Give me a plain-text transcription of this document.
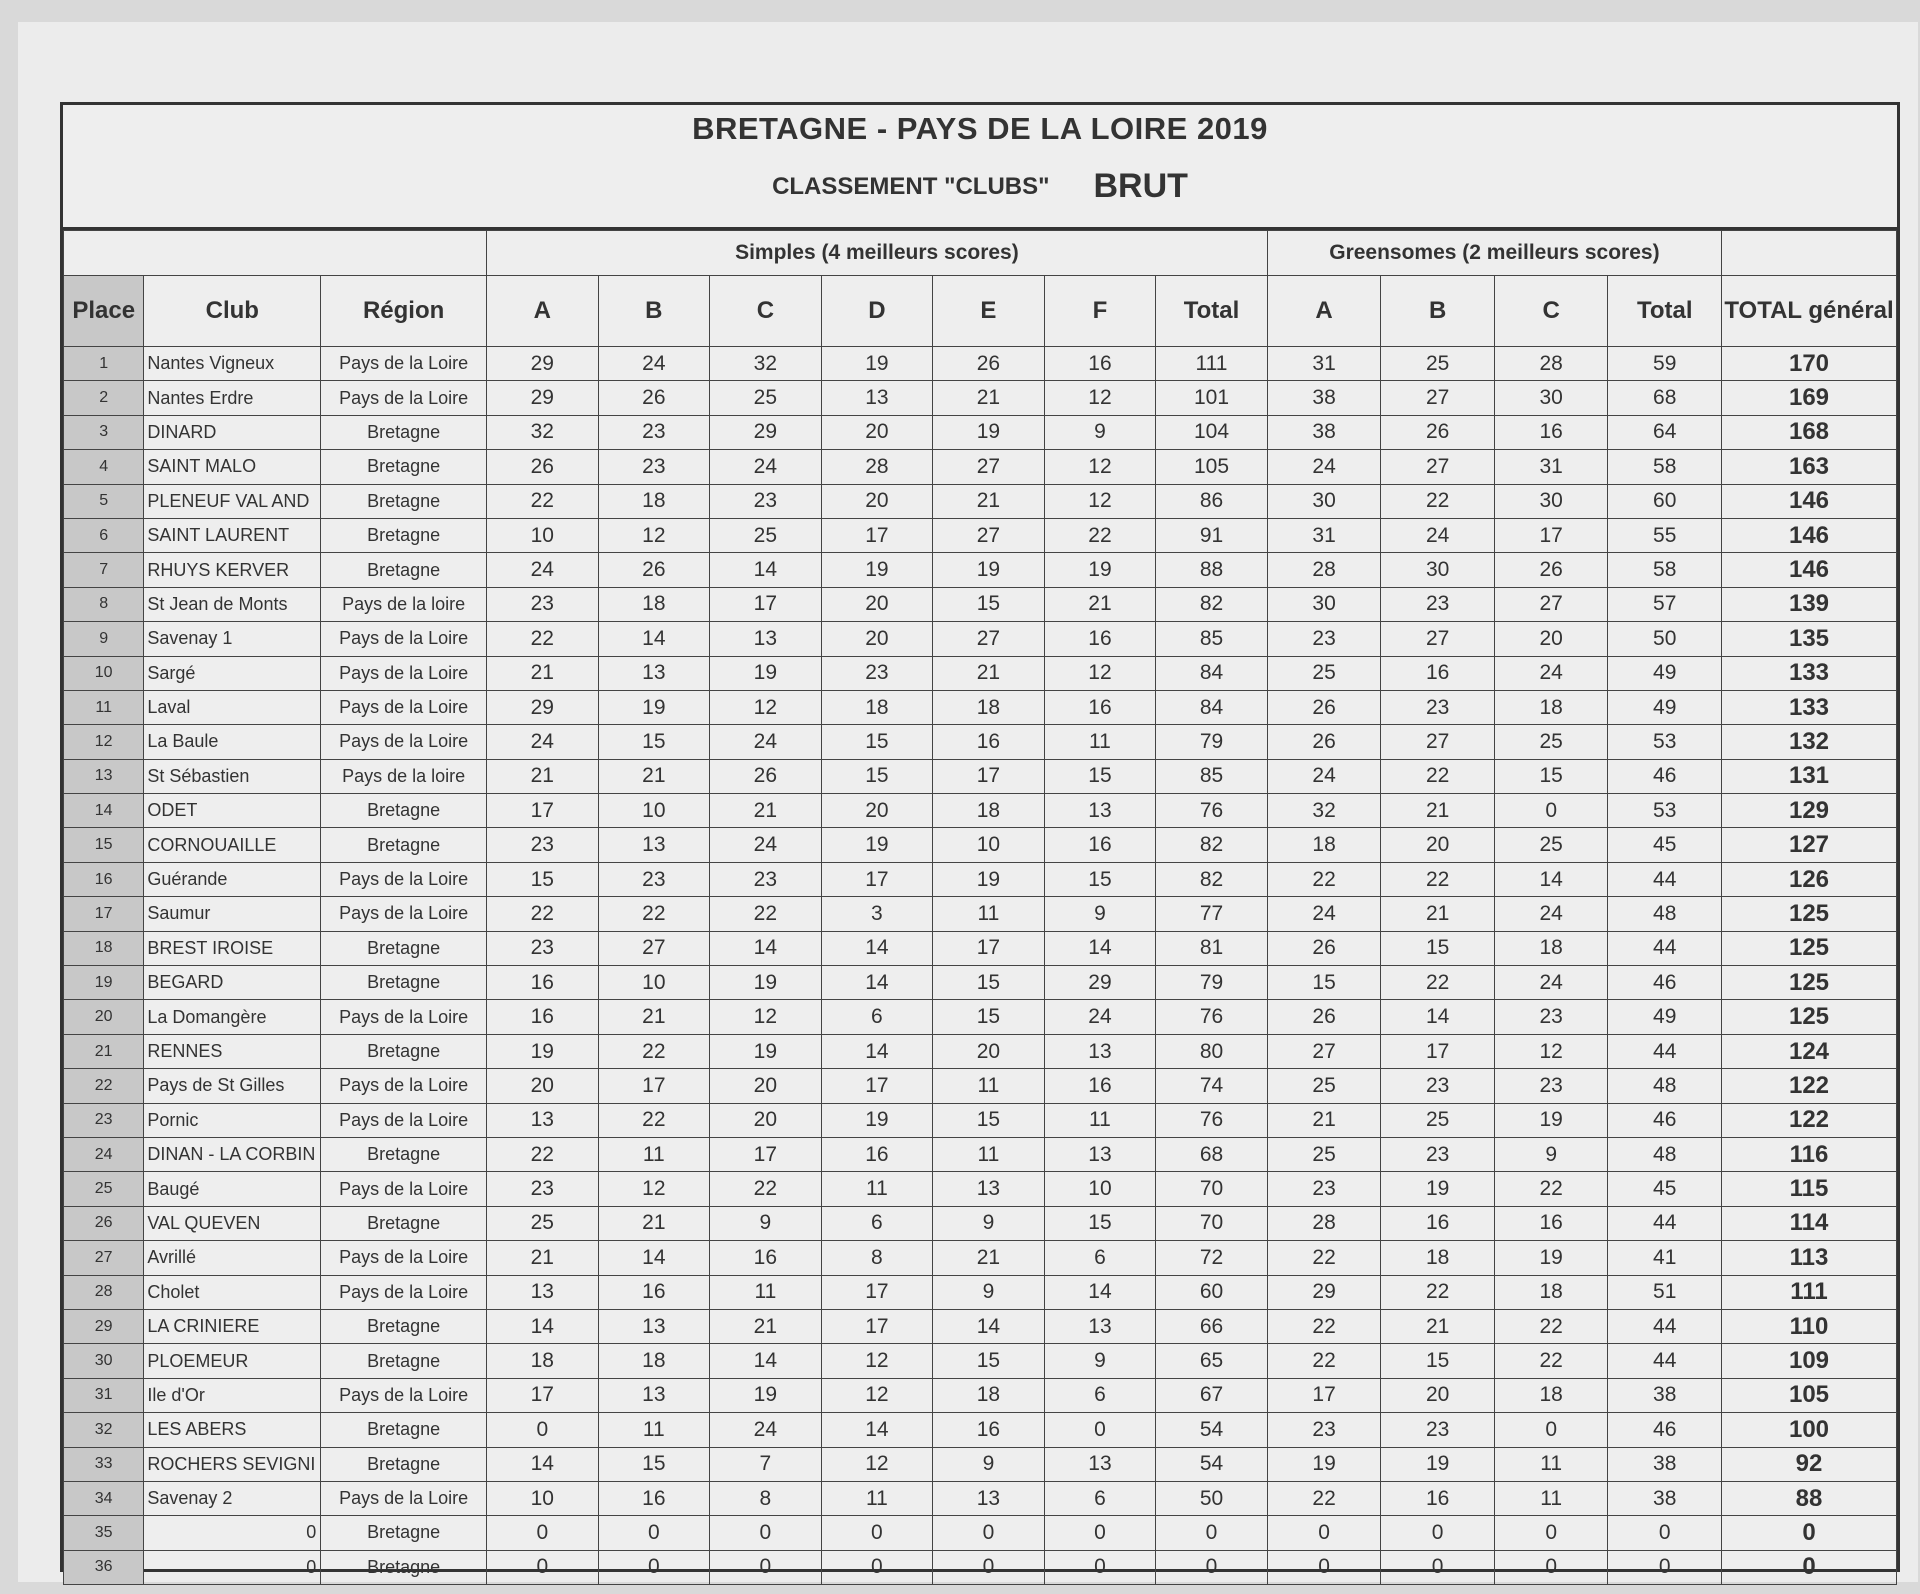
BRETAGNE - PAYS DE LA LOIRE 2019
CLASSEMENT "CLUBS" BRUT
			Simples (4 meilleurs scores)							Greensomes (2 meilleurs scores)				
Place	Club	Région	A	B	C	D	E	F	Total	A	B	C	Total	TOTAL général
1	Nantes Vigneux	Pays de la Loire	29	24	32	19	26	16	111	31	25	28	59	170
2	Nantes Erdre	Pays de la Loire	29	26	25	13	21	12	101	38	27	30	68	169
3	DINARD	Bretagne	32	23	29	20	19	9	104	38	26	16	64	168
4	SAINT MALO	Bretagne	26	23	24	28	27	12	105	24	27	31	58	163
5	PLENEUF VAL AND	Bretagne	22	18	23	20	21	12	86	30	22	30	60	146
6	SAINT LAURENT	Bretagne	10	12	25	17	27	22	91	31	24	17	55	146
7	RHUYS KERVER	Bretagne	24	26	14	19	19	19	88	28	30	26	58	146
8	St Jean de Monts	Pays de la loire	23	18	17	20	15	21	82	30	23	27	57	139
9	Savenay 1	Pays de la Loire	22	14	13	20	27	16	85	23	27	20	50	135
10	Sargé	Pays de la Loire	21	13	19	23	21	12	84	25	16	24	49	133
11	Laval	Pays de la Loire	29	19	12	18	18	16	84	26	23	18	49	133
12	La Baule	Pays de la Loire	24	15	24	15	16	11	79	26	27	25	53	132
13	St Sébastien	Pays de la loire	21	21	26	15	17	15	85	24	22	15	46	131
14	ODET	Bretagne	17	10	21	20	18	13	76	32	21	0	53	129
15	CORNOUAILLE	Bretagne	23	13	24	19	10	16	82	18	20	25	45	127
16	Guérande	Pays de la Loire	15	23	23	17	19	15	82	22	22	14	44	126
17	Saumur	Pays de la Loire	22	22	22	3	11	9	77	24	21	24	48	125
18	BREST IROISE	Bretagne	23	27	14	14	17	14	81	26	15	18	44	125
19	BEGARD	Bretagne	16	10	19	14	15	29	79	15	22	24	46	125
20	La Domangère	Pays de la Loire	16	21	12	6	15	24	76	26	14	23	49	125
21	RENNES	Bretagne	19	22	19	14	20	13	80	27	17	12	44	124
22	Pays de St Gilles	Pays de la Loire	20	17	20	17	11	16	74	25	23	23	48	122
23	Pornic	Pays de la Loire	13	22	20	19	15	11	76	21	25	19	46	122
24	DINAN - LA CORBIN	Bretagne	22	11	17	16	11	13	68	25	23	9	48	116
25	Baugé	Pays de la Loire	23	12	22	11	13	10	70	23	19	22	45	115
26	VAL QUEVEN	Bretagne	25	21	9	6	9	15	70	28	16	16	44	114
27	Avrillé	Pays de la Loire	21	14	16	8	21	6	72	22	18	19	41	113
28	Cholet	Pays de la Loire	13	16	11	17	9	14	60	29	22	18	51	111
29	LA CRINIERE	Bretagne	14	13	21	17	14	13	66	22	21	22	44	110
30	PLOEMEUR	Bretagne	18	18	14	12	15	9	65	22	15	22	44	109
31	Ile d'Or	Pays de la Loire	17	13	19	12	18	6	67	17	20	18	38	105
32	LES ABERS	Bretagne	0	11	24	14	16	0	54	23	23	0	46	100
33	ROCHERS SEVIGNI	Bretagne	14	15	7	12	9	13	54	19	19	11	38	92
34	Savenay 2	Pays de la Loire	10	16	8	11	13	6	50	22	16	11	38	88
35	0	Bretagne	0	0	0	0	0	0	0	0	0	0	0	0
36	0	Bretagne	0	0	0	0	0	0	0	0	0	0	0	0
